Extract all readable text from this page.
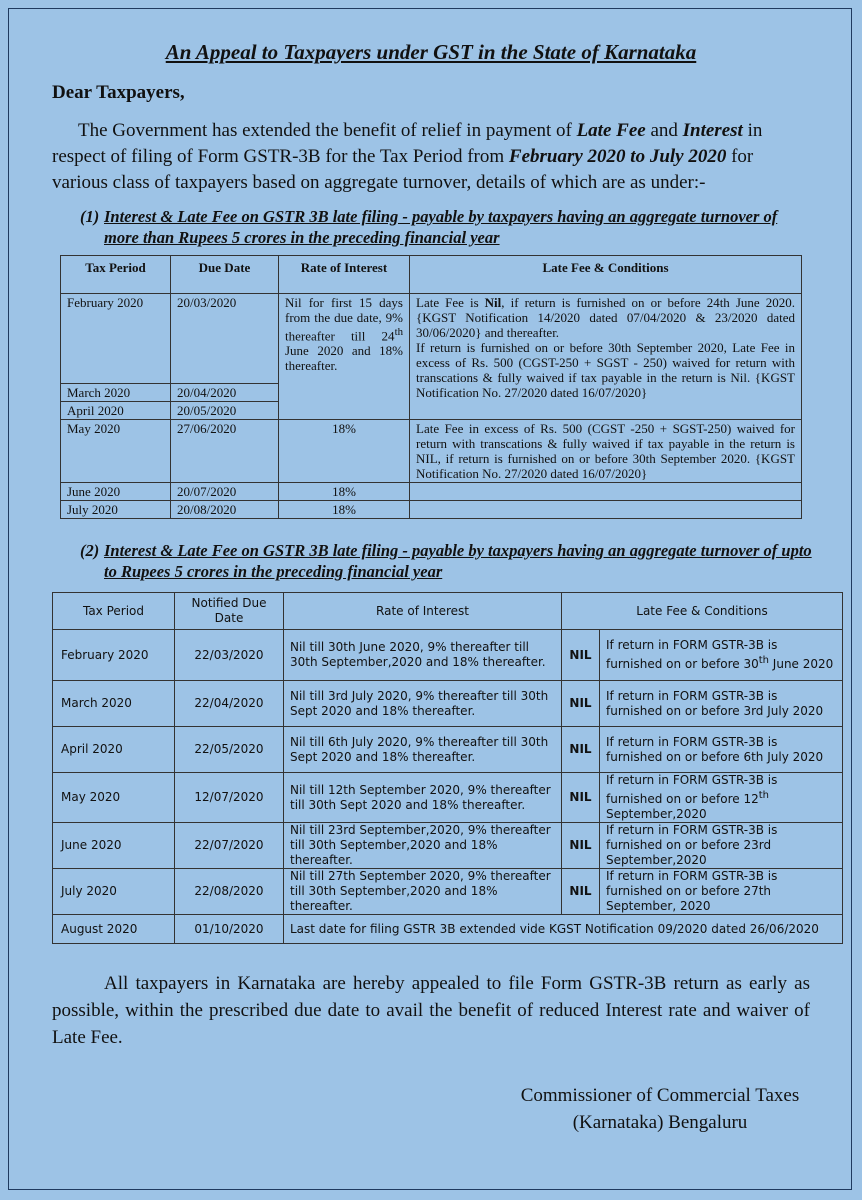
An Appeal to Taxpayers under GST in the State of Karnataka
Dear Taxpayers,
The Government has extended the benefit of relief in payment of Late Fee and Interest in respect of filing of Form GSTR-3B for the Tax Period from February 2020 to July 2020 for various class of taxpayers based on aggregate turnover, details of which are as under:-
(1) Interest & Late Fee on GSTR 3B late filing - payable by taxpayers having an aggregate turnover of more than Rupees 5 crores in the preceding financial year
Tax Period	Due Date	Rate of Interest	Late Fee & Conditions
February 2020	20/03/2020	Nil for first 15 days from the due date, 9% thereafter till 24th June 2020 and 18% thereafter.	Late Fee is Nil, if return is furnished on or before 24th June 2020. {KGST Notification 14/2020 dated 07/04/2020 & 23/2020 dated 30/06/2020} and thereafter.
If return is furnished on or before 30th September 2020, Late Fee in excess of Rs. 500 (CGST-250 + SGST - 250) waived for return with transcations & fully waived if tax payable in the return is Nil. {KGST Notification No. 27/2020 dated 16/07/2020}
March 2020	20/04/2020		
April 2020	20/05/2020		
May 2020	27/06/2020	18%	Late Fee in excess of Rs. 500 (CGST -250 + SGST-250) waived for return with transcations & fully waived if tax payable in the return is NIL, if return is furnished on or before 30th September 2020. {KGST Notification No. 27/2020 dated 16/07/2020}
June 2020	20/07/2020	18%	
July 2020	20/08/2020	18%	
(2) Interest & Late Fee on GSTR 3B late filing - payable by taxpayers having an aggregate turnover of upto to Rupees 5 crores in the preceding financial year
Tax Period	Notified Due Date	Rate of Interest	Late Fee & Conditions	
February 2020	22/03/2020	Nil till 30th June 2020, 9% thereafter till 30th September,2020 and 18% thereafter.	NIL	If return in FORM GSTR-3B is furnished on or before 30th June 2020
March 2020	22/04/2020	Nil till 3rd July 2020, 9% thereafter till 30th Sept 2020 and 18% thereafter.	NIL	If return in FORM GSTR-3B is furnished on or before 3rd July 2020
April 2020	22/05/2020	Nil till 6th July 2020, 9% thereafter till 30th Sept 2020 and 18% thereafter.	NIL	If return in FORM GSTR-3B is furnished on or before 6th July 2020
May 2020	12/07/2020	Nil till 12th September 2020, 9% thereafter till 30th Sept 2020 and 18% thereafter.	NIL	If return in FORM GSTR-3B is furnished on or before 12th September,2020
June 2020	22/07/2020	Nil till 23rd September,2020, 9% thereafter till 30th September,2020 and 18% thereafter.	NIL	If return in FORM GSTR-3B is furnished on or before 23rd September,2020
July 2020	22/08/2020	Nil till 27th September 2020, 9% thereafter till 30th September,2020 and 18% thereafter.	NIL	If return in FORM GSTR-3B is furnished on or before 27th September, 2020
August 2020	01/10/2020	Last date for filing GSTR 3B extended vide KGST Notification 09/2020 dated 26/06/2020		
All taxpayers in Karnataka are hereby appealed to file Form GSTR-3B return as early as possible, within the prescribed due date to avail the benefit of reduced Interest rate and waiver of Late Fee.
Commissioner of Commercial Taxes
(Karnataka) Bengaluru
